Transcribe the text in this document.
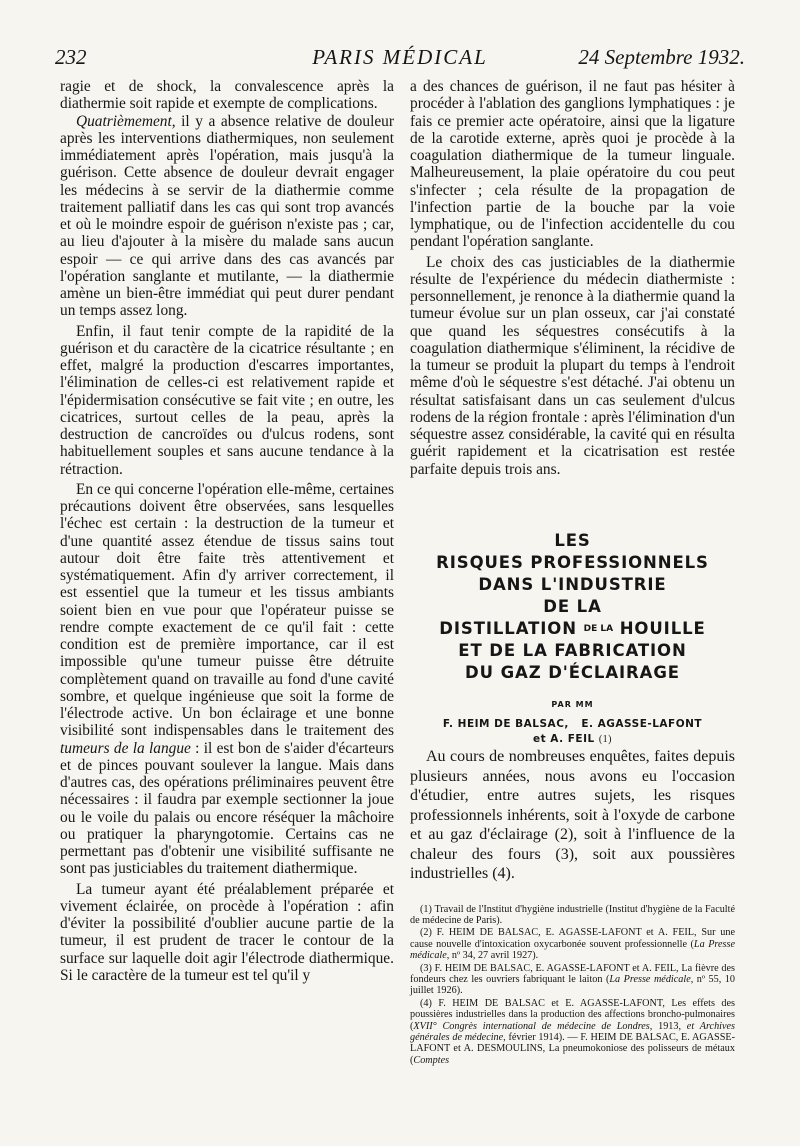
232	PARIS MÉDICAL	24 Septembre 1932.

ragie et de shock, la convalescence après la diathermie soit rapide et exempte de complications.

Quatrièmement, il y a absence relative de douleur après les interventions diathermiques, non seulement immédiatement après l'opération, mais jusqu'à la guérison. Cette absence de douleur devrait engager les médecins à se servir de la diathermie comme traitement palliatif dans les cas qui sont trop avancés et où le moindre espoir de guérison n'existe pas ; car, au lieu d'ajouter à la misère du malade sans aucun espoir — ce qui arrive dans des cas avancés par l'opération sanglante et mutilante, — la diathermie amène un bien-être immédiat qui peut durer pendant un temps assez long.

Enfin, il faut tenir compte de la rapidité de la guérison et du caractère de la cicatrice résultante ; en effet, malgré la production d'escarres importantes, l'élimination de celles-ci est relativement rapide et l'épidermisation consécutive se fait vite ; en outre, les cicatrices, surtout celles de la peau, après la destruction de cancroïdes ou d'ulcus rodens, sont habituellement souples et sans aucune tendance à la rétraction.

En ce qui concerne l'opération elle-même, certaines précautions doivent être observées, sans lesquelles l'échec est certain : la destruction de la tumeur et d'une quantité assez étendue de tissus sains tout autour doit être faite très attentivement et systématiquement. Afin d'y arriver correctement, il est essentiel que la tumeur et les tissus ambiants soient bien en vue pour que l'opérateur puisse se rendre compte exactement de ce qu'il fait : cette condition est de première importance, car il est impossible qu'une tumeur puisse être détruite complètement quand on travaille au fond d'une cavité sombre, et quelque ingénieuse que soit la forme de l'électrode active. Un bon éclairage et une bonne visibilité sont indispensables dans le traitement des tumeurs de la langue : il est bon de s'aider d'écarteurs et de pinces pouvant soulever la langue. Mais dans d'autres cas, des opérations préliminaires peuvent être nécessaires : il faudra par exemple sectionner la joue ou le voile du palais ou encore réséquer la mâchoire ou pratiquer la pharyngotomie. Certains cas ne permettant pas d'obtenir une visibilité suffisante ne sont pas justiciables du traitement diathermique.

La tumeur ayant été préalablement préparée et vivement éclairée, on procède à l'opération : afin d'éviter la possibilité d'oublier aucune partie de la tumeur, il est prudent de tracer le contour de la surface sur laquelle doit agir l'électrode diathermique. Si le caractère de la tumeur est tel qu'il y

a des chances de guérison, il ne faut pas hésiter à procéder à l'ablation des ganglions lymphatiques : je fais ce premier acte opératoire, ainsi que la ligature de la carotide externe, après quoi je procède à la coagulation diathermique de la tumeur linguale. Malheureusement, la plaie opératoire du cou peut s'infecter ; cela résulte de la propagation de l'infection partie de la bouche par la voie lymphatique, ou de l'infection accidentelle du cou pendant l'opération sanglante.

Le choix des cas justiciables de la diathermie résulte de l'expérience du médecin diathermiste : personnellement, je renonce à la diathermie quand la tumeur évolue sur un plan osseux, car j'ai constaté que quand les séquestres consécutifs à la coagulation diathermique s'éliminent, la récidive de la tumeur se produit la plupart du temps à l'endroit même d'où le séquestre s'est détaché. J'ai obtenu un résultat satisfaisant dans un cas seulement d'ulcus rodens de la région frontale : après l'élimination d'un séquestre assez considérable, la cavité qui en résulta guérit rapidement et la cicatrisation est restée parfaite depuis trois ans.

LES
RISQUES PROFESSIONNELS
DANS L'INDUSTRIE
DE LA
DISTILLATION DE LA HOUILLE
ET DE LA FABRICATION
DU GAZ D'ÉCLAIRAGE
PAR MM
F. HEIM DE BALSAC,   E. AGASSE-LAFONT
et A. FEIL (1)

Au cours de nombreuses enquêtes, faites depuis plusieurs années, nous avons eu l'occasion d'étudier, entre autres sujets, les risques professionnels inhérents, soit à l'oxyde de carbone et au gaz d'éclairage (2), soit à l'influence de la chaleur des fours (3), soit aux poussières industrielles (4).

(1) Travail de l'Institut d'hygiène industrielle (Institut d'hygiène de la Faculté de médecine de Paris).

(2) F. HEIM DE BALSAC, E. AGASSE-LAFONT et A. FEIL, Sur une cause nouvelle d'intoxication oxycarbonée souvent professionnelle (La Presse médicale, nº 34, 27 avril 1927).

(3) F. HEIM DE BALSAC, E. AGASSE-LAFONT et A. FEIL, La fièvre des fondeurs chez les ouvriers fabriquant le laiton (La Presse médicale, nº 55, 10 juillet 1926).

(4) F. HEIM DE BALSAC et E. AGASSE-LAFONT, Les effets des poussières industrielles dans la production des affections broncho-pulmonaires (XVII° Congrès international de médecine de Londres, 1913, et Archives générales de médecine, février 1914). — F. HEIM DE BALSAC, E. AGASSE-LAFONT et A. DESMOULINS, La pneumokoniose des polisseurs de métaux (Comptes
